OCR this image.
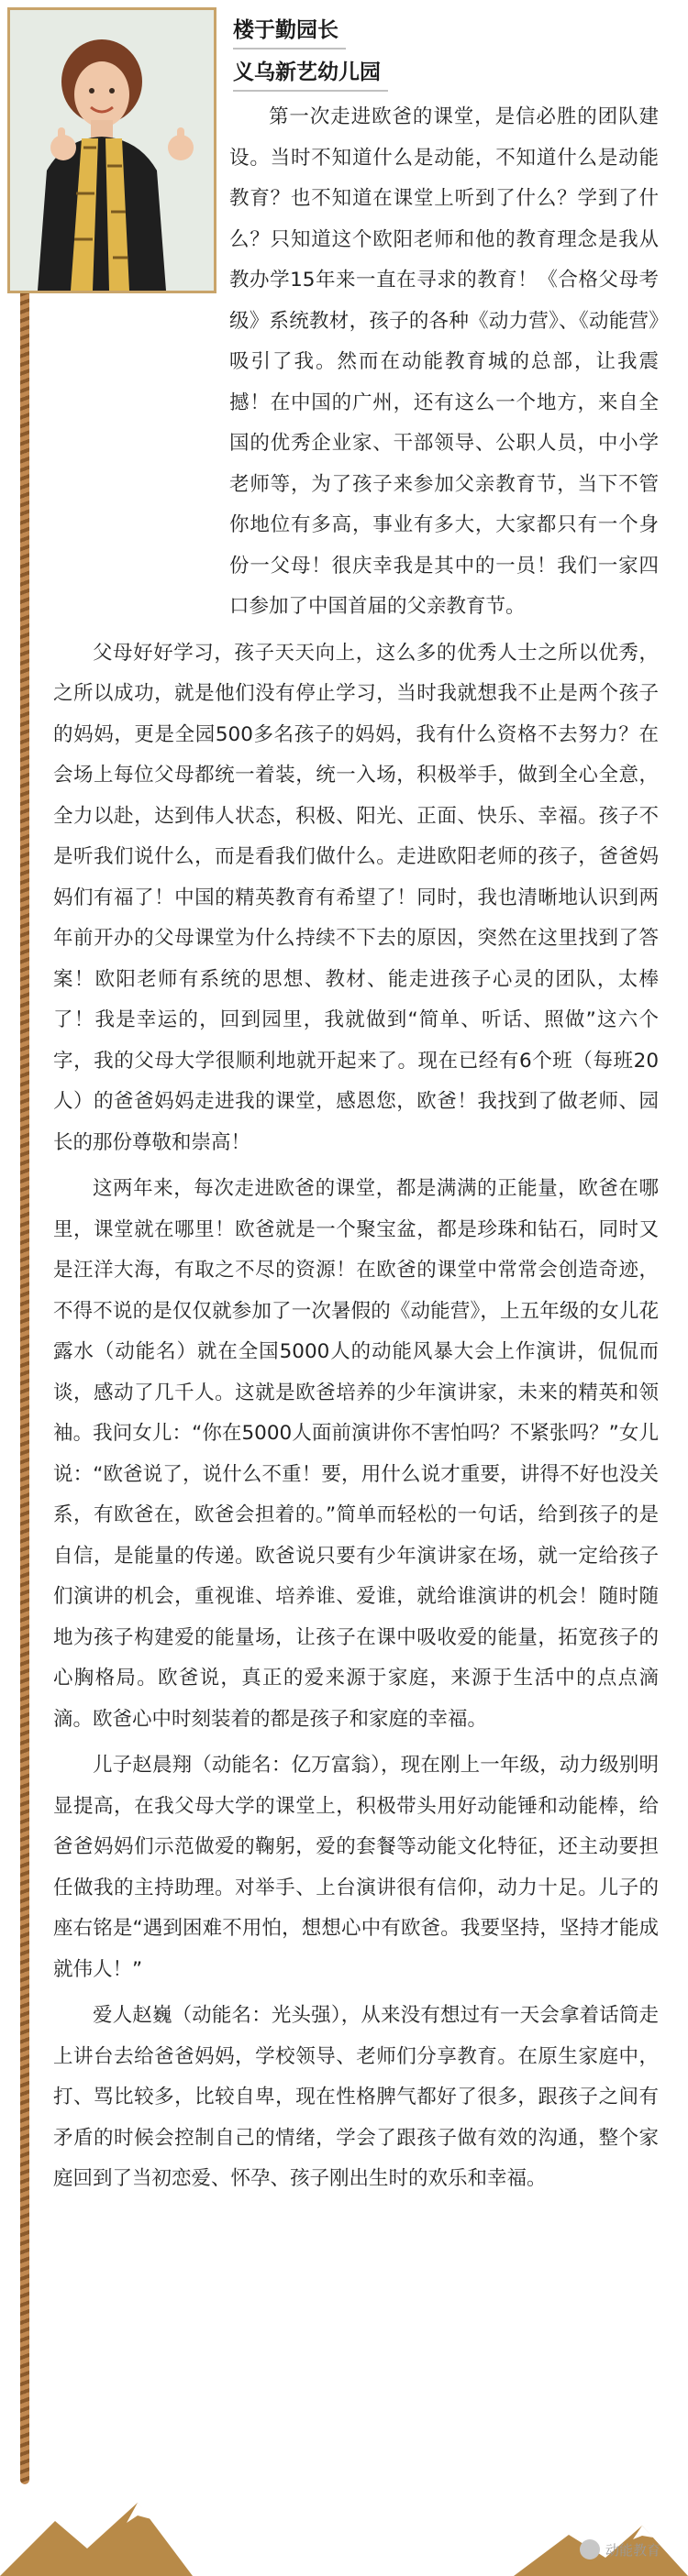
楼于勤园长
义乌新艺幼儿园

第一次走进欧爸的课堂，是信必胜的团队建设。当时不知道什么是动能，不知道什么是动能教育？也不知道在课堂上听到了什么？学到了什么？只知道这个欧阳老师和他的教育理念是我从教办学15年来一直在寻求的教育！《合格父母考级》系统教材，孩子的各种《动力营》、《动能营》吸引了我。然而在动能教育城的总部，让我震撼！在中国的广州，还有这么一个地方，来自全国的优秀企业家、干部领导、公职人员，中小学老师等，为了孩子来参加父亲教育节，当下不管你地位有多高，事业有多大，大家都只有一个身份一父母！很庆幸我是其中的一员！我们一家四口参加了中国首届的父亲教育节。

父母好好学习，孩子天天向上，这么多的优秀人士之所以优秀，之所以成功，就是他们没有停止学习，当时我就想我不止是两个孩子的妈妈，更是全园500多名孩子的妈妈，我有什么资格不去努力？在会场上每位父母都统一着装，统一入场，积极举手，做到全心全意，全力以赴，达到伟人状态，积极、阳光、正面、快乐、幸福。孩子不是听我们说什么，而是看我们做什么。走进欧阳老师的孩子，爸爸妈妈们有福了！中国的精英教育有希望了！同时，我也清晰地认识到两年前开办的父母课堂为什么持续不下去的原因，突然在这里找到了答案！欧阳老师有系统的思想、教材、能走进孩子心灵的团队，太棒了！我是幸运的，回到园里，我就做到“简单、听话、照做”这六个字，我的父母大学很顺利地就开起来了。现在已经有6个班（每班20人）的爸爸妈妈走进我的课堂，感恩您，欧爸！我找到了做老师、园长的那份尊敬和崇高！

这两年来，每次走进欧爸的课堂，都是满满的正能量，欧爸在哪里，课堂就在哪里！欧爸就是一个聚宝盆，都是珍珠和钻石，同时又是汪洋大海，有取之不尽的资源！在欧爸的课堂中常常会创造奇迹，不得不说的是仅仅就参加了一次暑假的《动能营》，上五年级的女儿花露水（动能名）就在全国5000人的动能风暴大会上作演讲，侃侃而谈，感动了几千人。这就是欧爸培养的少年演讲家，未来的精英和领袖。我问女儿：“你在5000人面前演讲你不害怕吗？不紧张吗？”女儿说：“欧爸说了，说什么不重！要，用什么说才重要，讲得不好也没关系，有欧爸在，欧爸会担着的。”简单而轻松的一句话，给到孩子的是自信，是能量的传递。欧爸说只要有少年演讲家在场，就一定给孩子们演讲的机会，重视谁、培养谁、爱谁，就给谁演讲的机会！随时随地为孩子构建爱的能量场，让孩子在课中吸收爱的能量，拓宽孩子的心胸格局。欧爸说，真正的爱来源于家庭，来源于生活中的点点滴滴。欧爸心中时刻装着的都是孩子和家庭的幸福。

儿子赵晨翔（动能名：亿万富翁），现在刚上一年级，动力级别明显提高，在我父母大学的课堂上，积极带头用好动能锤和动能棒，给爸爸妈妈们示范做爱的鞠躬，爱的套餐等动能文化特征，还主动要担任做我的主持助理。对举手、上台演讲很有信仰，动力十足。儿子的座右铭是“遇到困难不用怕，想想心中有欧爸。我要坚持，坚持才能成就伟人！”

爱人赵巍（动能名：光头强），从来没有想过有一天会拿着话筒走上讲台去给爸爸妈妈，学校领导、老师们分享教育。在原生家庭中，打、骂比较多，比较自卑，现在性格脾气都好了很多，跟孩子之间有矛盾的时候会控制自己的情绪，学会了跟孩子做有效的沟通，整个家庭回到了当初恋爱、怀孕、孩子刚出生时的欢乐和幸福。

动能教育
